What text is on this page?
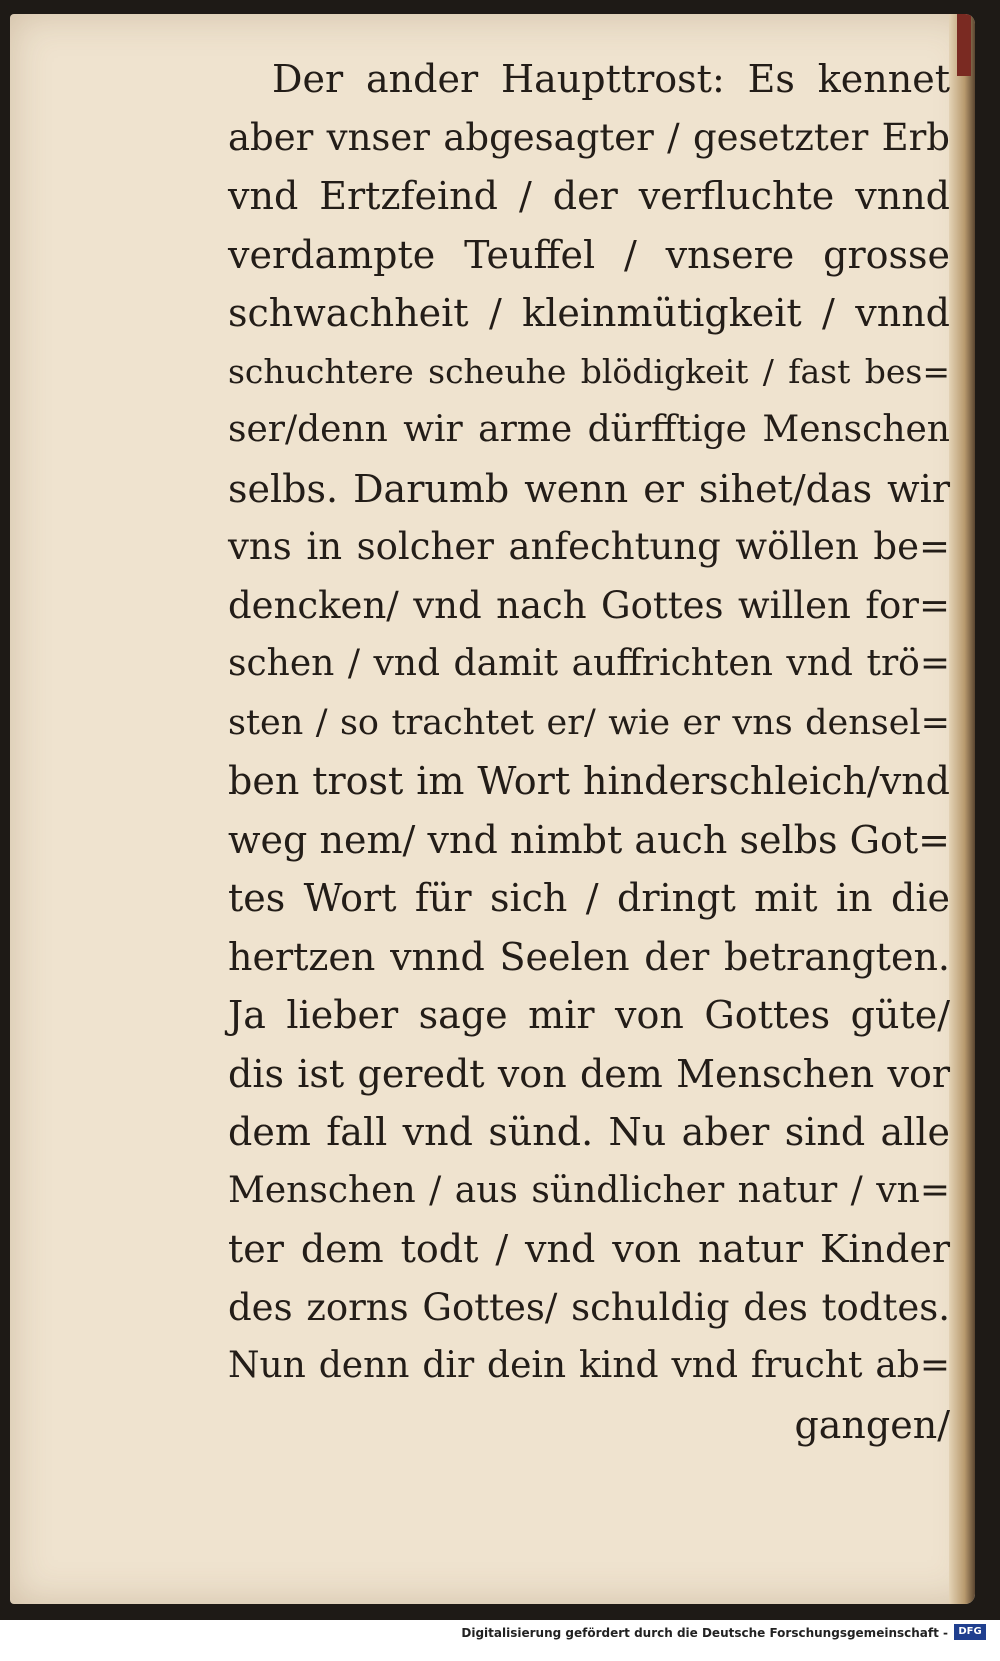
Der ander Haupttrost: Es kennet
aber vnser abgesagter / gesetzter Erb
vnd Ertzfeind / der verfluchte vnnd
verdampte Teuffel / vnsere grosse
schwachheit / kleinmütigkeit / vnnd
schuchtere scheuhe blödigkeit / fast bes=
ser/denn wir arme dürfftige Menschen
selbs. Darumb wenn er sihet/das wir
vns in solcher anfechtung wöllen be=
dencken/ vnd nach Gottes willen for=
schen / vnd damit auffrichten vnd trö=
sten / so trachtet er/ wie er vns densel=
ben trost im Wort hinderschleich/vnd
weg nem/ vnd nimbt auch selbs Got=
tes Wort für sich / dringt mit in die
hertzen vnnd Seelen der betrangten.
Ja lieber sage mir von Gottes güte/
dis ist geredt von dem Menschen vor
dem fall vnd sünd. Nu aber sind alle
Menschen / aus sündlicher natur / vn=
ter dem todt / vnd von natur Kinder
des zorns Gottes/ schuldig des todtes.
Nun denn dir dein kind vnd frucht ab=
gangen/
Digitalisierung gefördert durch die Deutsche Forschungsgemeinschaft -	DFG
